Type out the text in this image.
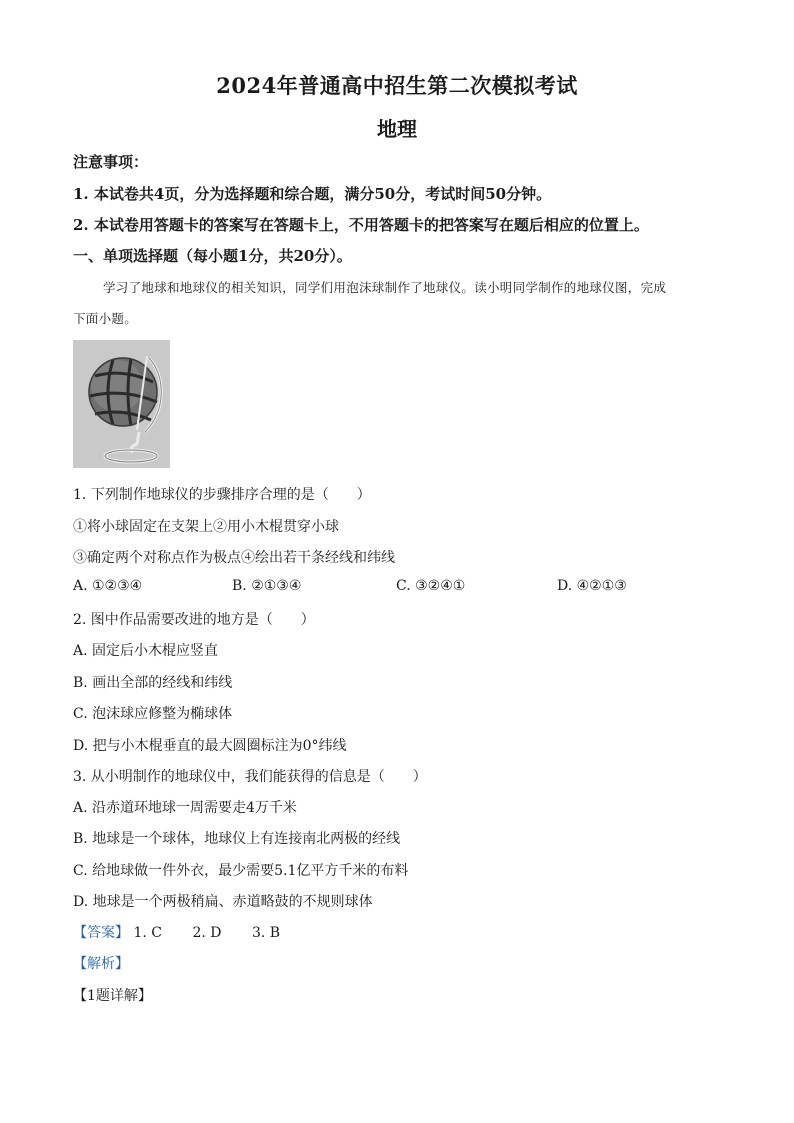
2024年普通高中招生第二次模拟考试
地理
注意事项：
1. 本试卷共4页，分为选择题和综合题，满分50分，考试时间50分钟。
2. 本试卷用答题卡的答案写在答题卡上，不用答题卡的把答案写在题后相应的位置上。
一、单项选择题（每小题1分，共20分）。
学习了地球和地球仪的相关知识，同学们用泡沫球制作了地球仪。读小明同学制作的地球仪图，完成
下面小题。
1. 下列制作地球仪的步骤排序合理的是（　　）
①将小球固定在支架上②用小木棍贯穿小球
③确定两个对称点作为极点④绘出若干条经线和纬线
A. ①②③④	B. ②①③④	C. ③②④①	D. ④②①③
2. 图中作品需要改进的地方是（　　）
A. 固定后小木棍应竖直
B. 画出全部的经线和纬线
C. 泡沫球应修整为椭球体
D. 把与小木棍垂直的最大圆圈标注为0°纬线
3. 从小明制作的地球仪中，我们能获得的信息是（　　）
A. 沿赤道环地球一周需要走4万千米
B. 地球是一个球体，地球仪上有连接南北两极的经线
C. 给地球做一件外衣，最少需要5.1亿平方千米的布料
D. 地球是一个两极稍扁、赤道略鼓的不规则球体
【答案】 1. C 2. D 3. B
【解析】
【1题详解】
